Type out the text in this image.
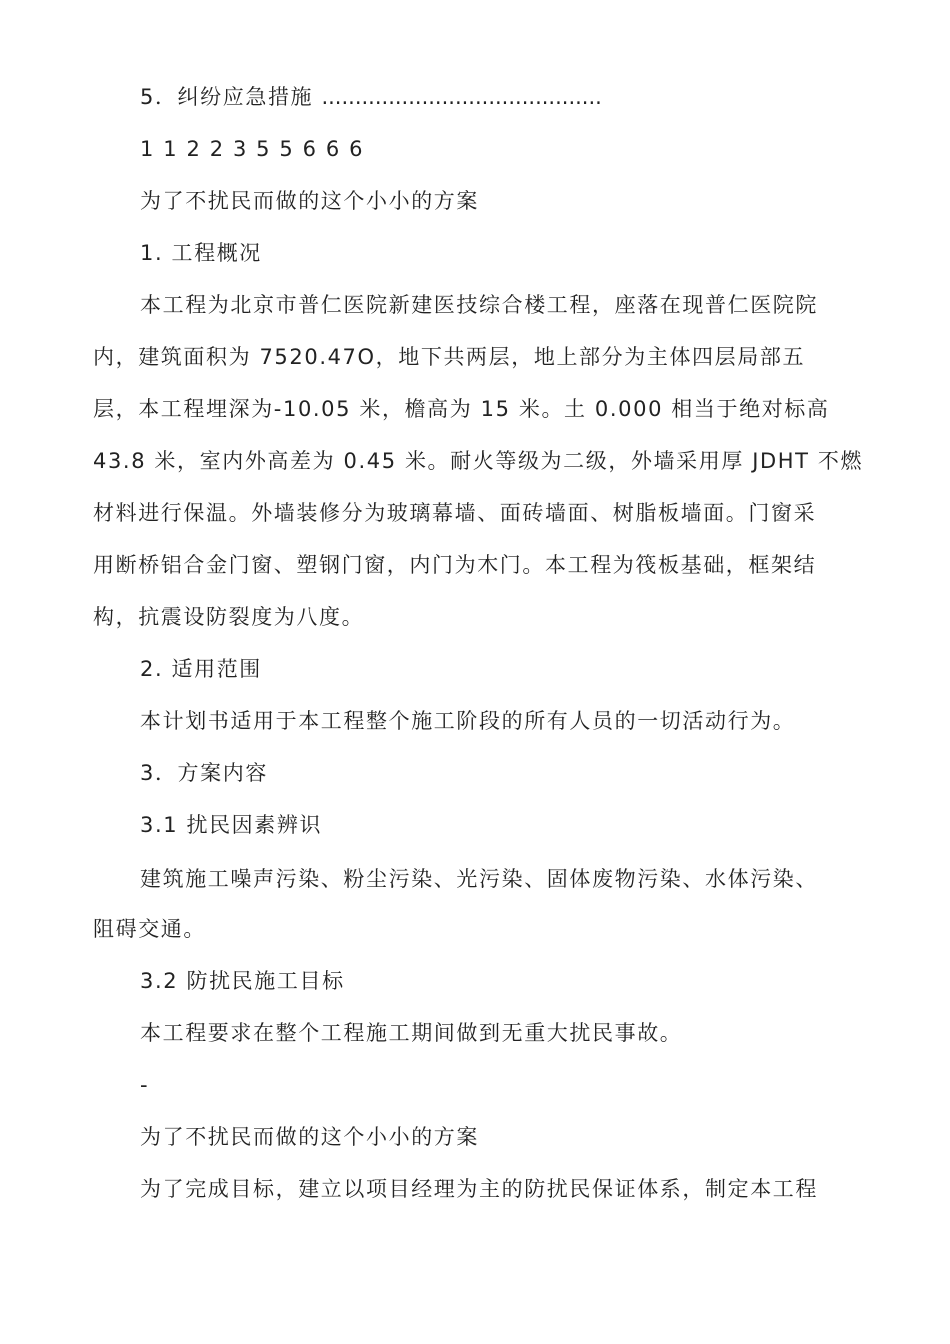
5．纠纷应急措施 ..........................................
1 1 2 2 3 5 5 6 6 6
为了不扰民而做的这个小小的方案
1. 工程概况
本工程为北京市普仁医院新建医技综合楼工程，座落在现普仁医院院
内，建筑面积为 7520.47O，地下共两层，地上部分为主体四层局部五
层，本工程埋深为-10.05 米，檐高为 15 米。土 0.000 相当于绝对标高
43.8 米，室内外高差为 0.45 米。耐火等级为二级，外墙采用厚 JDHT 不燃
材料进行保温。外墙装修分为玻璃幕墙、面砖墙面、树脂板墙面。门窗采
用断桥铝合金门窗、塑钢门窗，内门为木门。本工程为筏板基础，框架结
构，抗震设防裂度为八度。
2. 适用范围
本计划书适用于本工程整个施工阶段的所有人员的一切活动行为。
3．方案内容
3.1 扰民因素辨识
建筑施工噪声污染、粉尘污染、光污染、固体废物污染、水体污染、
阻碍交通。
3.2 防扰民施工目标
本工程要求在整个工程施工期间做到无重大扰民事故。
-
为了不扰民而做的这个小小的方案
为了完成目标，建立以项目经理为主的防扰民保证体系，制定本工程
